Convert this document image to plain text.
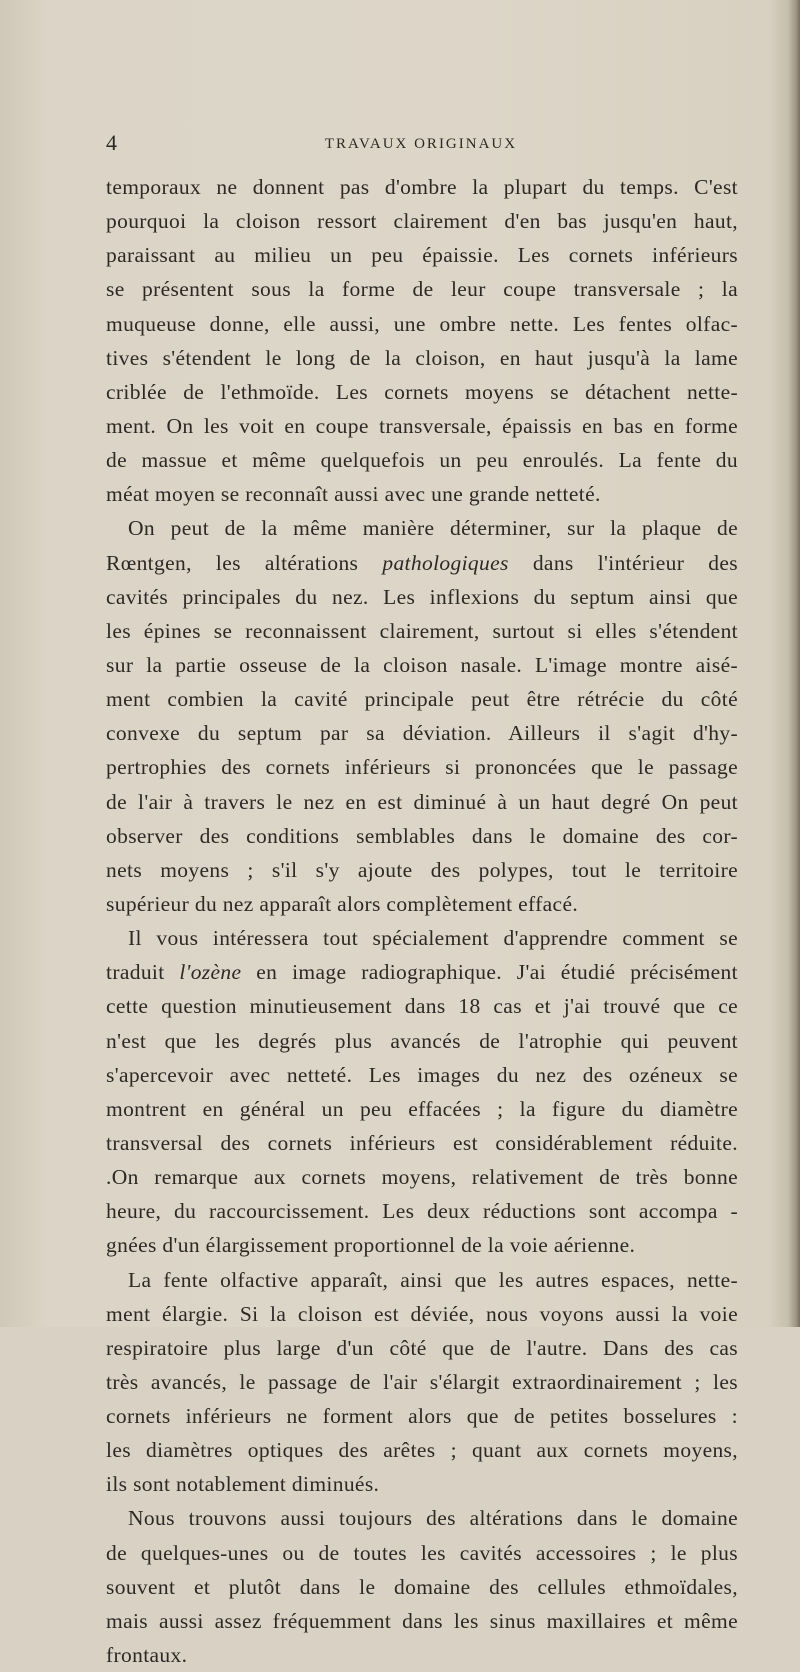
4	TRAVAUX ORIGINAUX
temporaux ne donnent pas d'ombre la plupart du temps. C'est
pourquoi la cloison ressort clairement d'en bas jusqu'en haut,
paraissant au milieu un peu épaissie. Les cornets inférieurs
se présentent sous la forme de leur coupe transversale ; la
muqueuse donne, elle aussi, une ombre nette. Les fentes olfac-
tives s'étendent le long de la cloison, en haut jusqu'à la lame
criblée de l'ethmoïde. Les cornets moyens se détachent nette-
ment. On les voit en coupe transversale, épaissis en bas en forme
de massue et même quelquefois un peu enroulés. La fente du
méat moyen se reconnaît aussi avec une grande netteté.
On peut de la même manière déterminer, sur la plaque de
Rœntgen, les altérations pathologiques dans l'intérieur des
cavités principales du nez. Les inflexions du septum ainsi que
les épines se reconnaissent clairement, surtout si elles s'étendent
sur la partie osseuse de la cloison nasale. L'image montre aisé-
ment combien la cavité principale peut être rétrécie du côté
convexe du septum par sa déviation. Ailleurs il s'agit d'hy-
pertrophies des cornets inférieurs si prononcées que le passage
de l'air à travers le nez en est diminué à un haut degré On peut
observer des conditions semblables dans le domaine des cor-
nets moyens ; s'il s'y ajoute des polypes, tout le territoire
supérieur du nez apparaît alors complètement effacé.
Il vous intéressera tout spécialement d'apprendre comment se
traduit l'ozène en image radiographique. J'ai étudié précisément
cette question minutieusement dans 18 cas et j'ai trouvé que ce
n'est que les degrés plus avancés de l'atrophie qui peuvent
s'apercevoir avec netteté. Les images du nez des ozéneux se
montrent en général un peu effacées ; la figure du diamètre
transversal des cornets inférieurs est considérablement réduite.
.On remarque aux cornets moyens, relativement de très bonne
heure, du raccourcissement. Les deux réductions sont accompa -
gnées d'un élargissement proportionnel de la voie aérienne.
La fente olfactive apparaît, ainsi que les autres espaces, nette-
ment élargie. Si la cloison est déviée, nous voyons aussi la voie
respiratoire plus large d'un côté que de l'autre. Dans des cas
très avancés, le passage de l'air s'élargit extraordinairement ; les
cornets inférieurs ne forment alors que de petites bosselures :
les diamètres optiques des arêtes ; quant aux cornets moyens,
ils sont notablement diminués.
Nous trouvons aussi toujours des altérations dans le domaine
de quelques-unes ou de toutes les cavités accessoires ; le plus
souvent et plutôt dans le domaine des cellules ethmoïdales,
mais aussi assez fréquemment dans les sinus maxillaires et même
frontaux.
